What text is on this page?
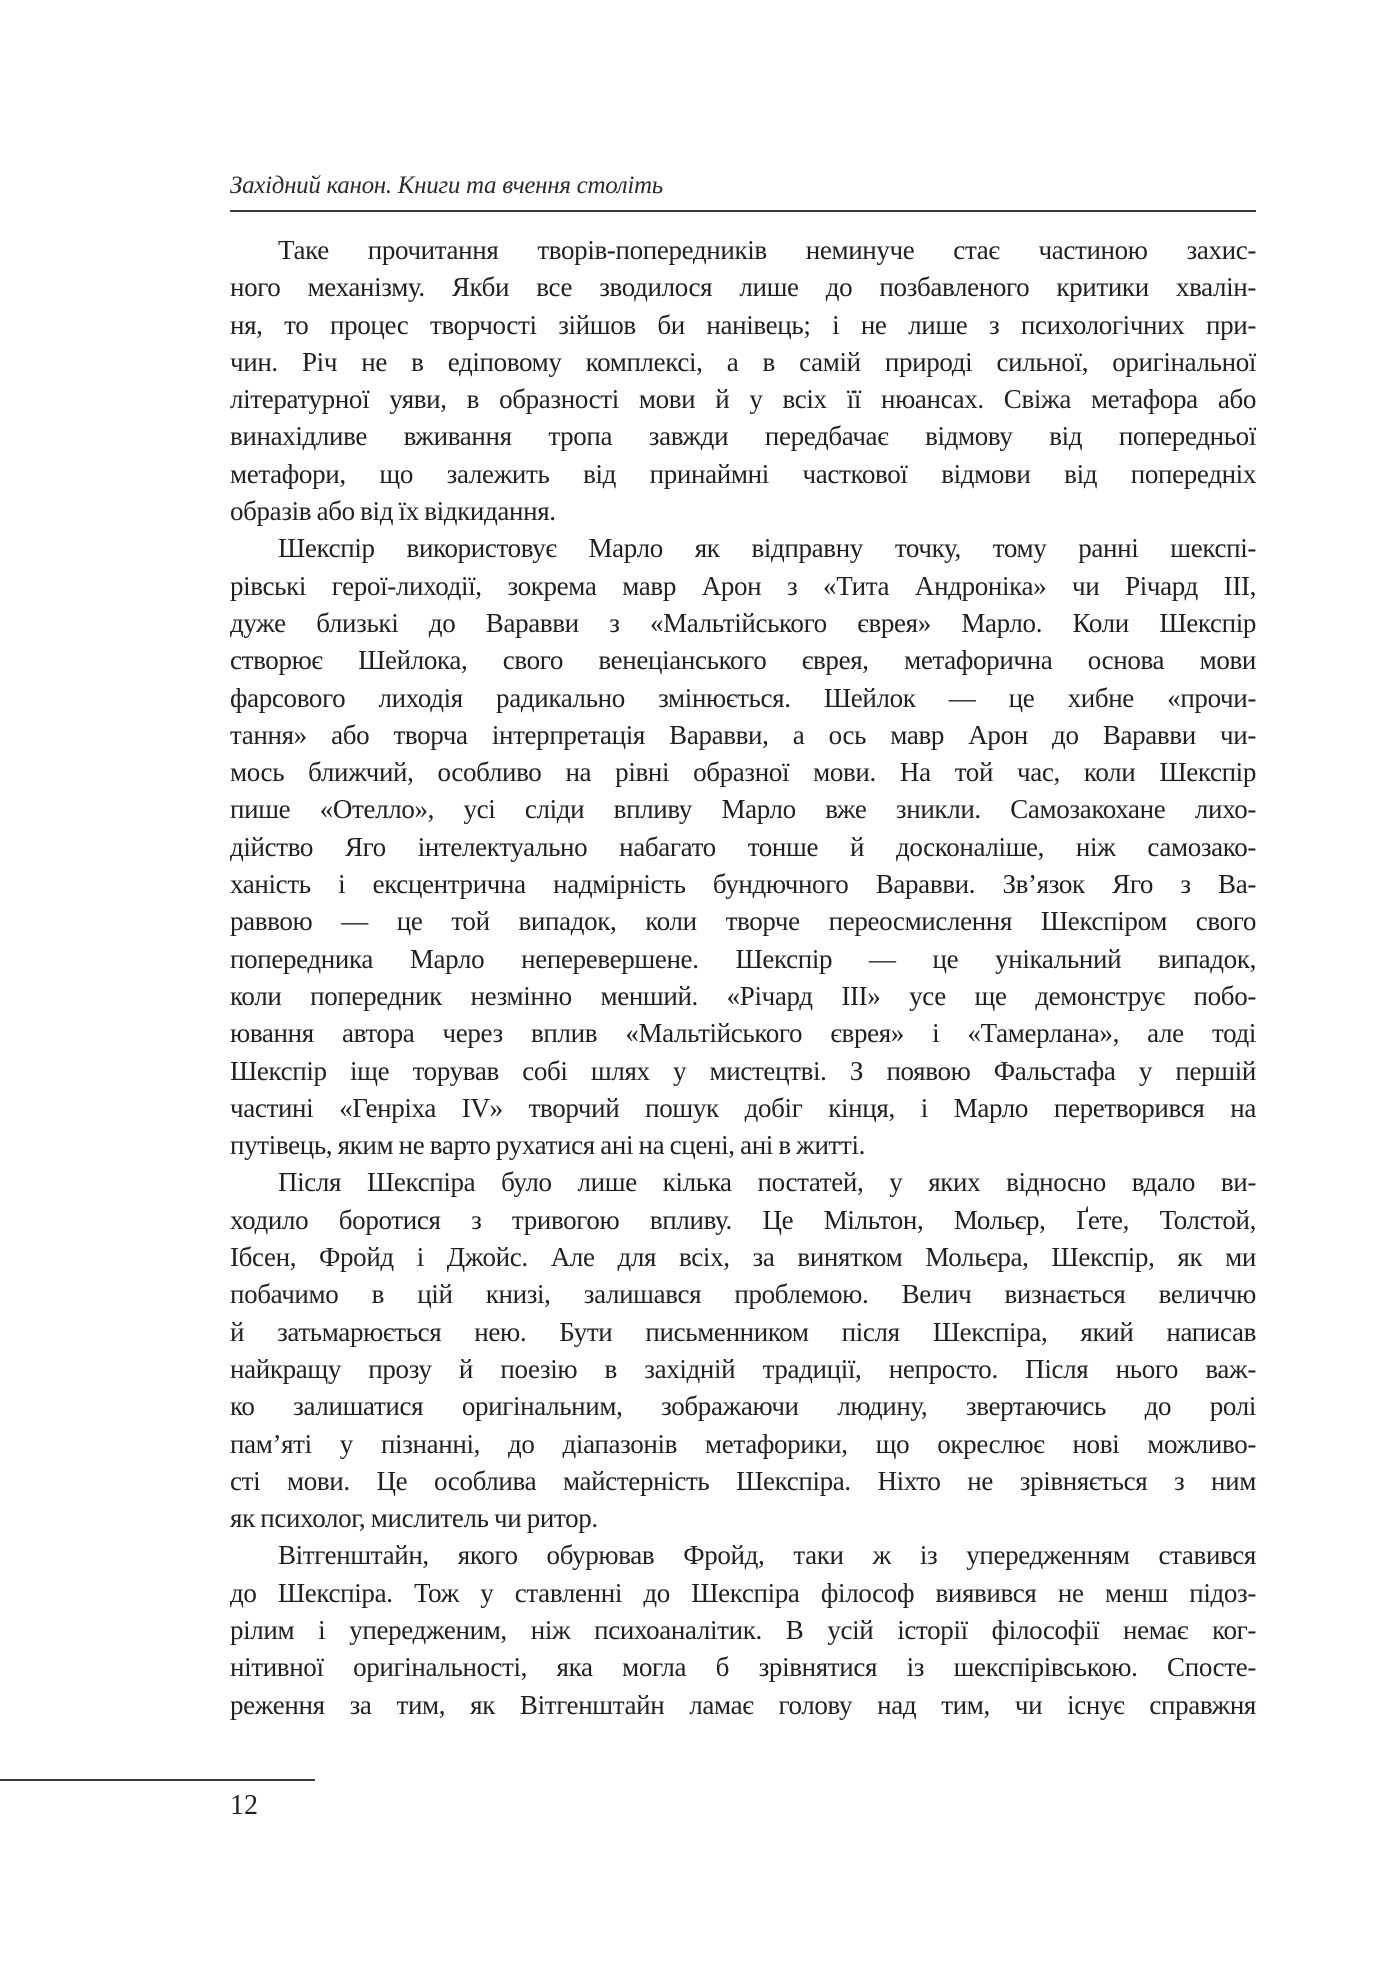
Західний канон. Книги та вчення століть
Таке прочитання творів-попередників неминуче стає частиною захис-
ного механізму. Якби все зводилося лише до позбавленого критики хвалін-
ня, то процес творчості зійшов би нанівець; і не лише з психологічних при-
чин. Річ не в едіповому комплексі, а в самій природі сильної, оригінальної
літературної уяви, в образності мови й у всіх її нюансах. Свіжа метафора або
винахідливе вживання тропа завжди передбачає відмову від попередньої
метафори, що залежить від принаймні часткової відмови від попередніх
образів або від їх відкидання.
Шекспір використовує Марло як відправну точку, тому ранні шекспі-
рівські герої-лиходії, зокрема мавр Арон з «Тита Андроніка» чи Річард III,
дуже близькі до Варавви з «Мальтійського єврея» Марло. Коли Шекспір
створює Шейлока, свого венеціанського єврея, метафорична основа мови
фарсового лиходія радикально змінюється. Шейлок — це хибне «прочи-
тання» або творча інтерпретація Варавви, а ось мавр Арон до Варавви чи-
мось ближчий, особливо на рівні образної мови. На той час, коли Шекспір
пише «Отелло», усі сліди впливу Марло вже зникли. Самозакохане лихо-
дійство Яго інтелектуально набагато тонше й досконаліше, ніж самозако-
ханість і ексцентрична надмірність бундючного Варавви. Зв’язок Яго з Ва-
раввою — це той випадок, коли творче переосмислення Шекспіром свого
попередника Марло неперевершене. Шекспір — це унікальний випадок,
коли попередник незмінно менший. «Річард III» усе ще демонструє побо-
ювання автора через вплив «Мальтійського єврея» і «Тамерлана», але тоді
Шекспір іще торував собі шлях у мистецтві. З появою Фальстафа у першій
частині «Генріха IV» творчий пошук добіг кінця, і Марло перетворився на
путівець, яким не варто рухатися ані на сцені, ані в житті.
Після Шекспіра було лише кілька постатей, у яких відносно вдало ви-
ходило боротися з тривогою впливу. Це Мільтон, Мольєр, Ґете, Толстой,
Ібсен, Фройд і Джойс. Але для всіх, за винятком Мольєра, Шекспір, як ми
побачимо в цій книзі, залишався проблемою. Велич визнається величчю
й затьмарюється нею. Бути письменником після Шекспіра, який написав
найкращу прозу й поезію в західній традиції, непросто. Після нього важ-
ко залишатися оригінальним, зображаючи людину, звертаючись до ролі
пам’яті у пізнанні, до діапазонів метафорики, що окреслює нові можливо-
сті мови. Це особлива майстерність Шекспіра. Ніхто не зрівняється з ним
як психолог, мислитель чи ритор.
Вітгенштайн, якого обурював Фройд, таки ж із упередженням ставився
до Шекспіра. Тож у ставленні до Шекспіра філософ виявився не менш підоз-
рілим і упередженим, ніж психоаналітик. В усій історії філософії немає ког-
нітивної оригінальності, яка могла б зрівнятися із шекспірівською. Спосте-
реження за тим, як Вітгенштайн ламає голову над тим, чи існує справжня
12
